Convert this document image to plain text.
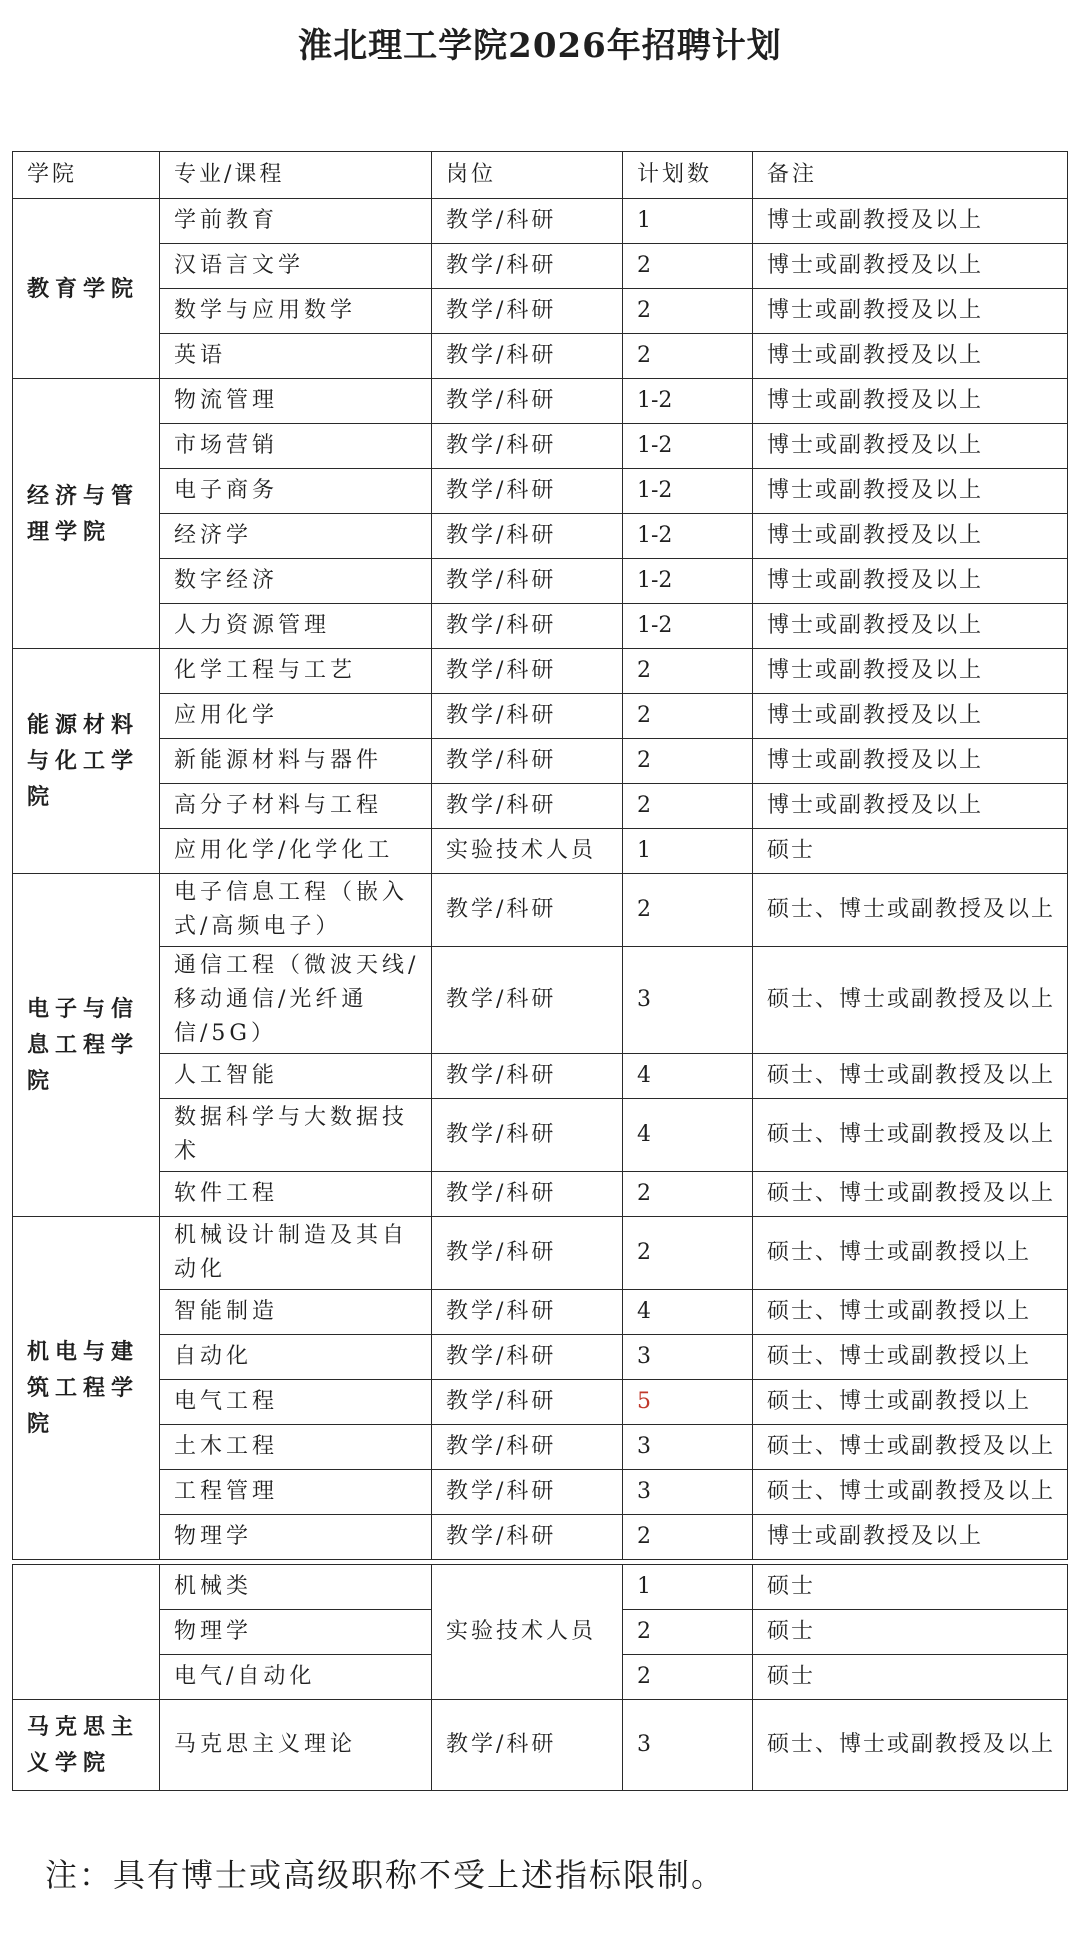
淮北理工学院2026年招聘计划
学院	专业/课程	岗位	计划数	备注
教育学院	学前教育	教学/科研	1	博士或副教授及以上
	汉语言文学	教学/科研	2	博士或副教授及以上
	数学与应用数学	教学/科研	2	博士或副教授及以上
	英语	教学/科研	2	博士或副教授及以上
经济与管理学院	物流管理	教学/科研	1-2	博士或副教授及以上
	市场营销	教学/科研	1-2	博士或副教授及以上
	电子商务	教学/科研	1-2	博士或副教授及以上
	经济学	教学/科研	1-2	博士或副教授及以上
	数字经济	教学/科研	1-2	博士或副教授及以上
	人力资源管理	教学/科研	1-2	博士或副教授及以上
能源材料与化工学院	化学工程与工艺	教学/科研	2	博士或副教授及以上
	应用化学	教学/科研	2	博士或副教授及以上
	新能源材料与器件	教学/科研	2	博士或副教授及以上
	高分子材料与工程	教学/科研	2	博士或副教授及以上
	应用化学/化学化工	实验技术人员	1	硕士
电子与信息工程学院	电子信息工程（嵌入式/高频电子）	教学/科研	2	硕士、博士或副教授及以上
	通信工程（微波天线/移动通信/光纤通信/5G）	教学/科研	3	硕士、博士或副教授及以上
	人工智能	教学/科研	4	硕士、博士或副教授及以上
	数据科学与大数据技术	教学/科研	4	硕士、博士或副教授及以上
	软件工程	教学/科研	2	硕士、博士或副教授及以上
机电与建筑工程学院	机械设计制造及其自动化	教学/科研	2	硕士、博士或副教授以上
	智能制造	教学/科研	4	硕士、博士或副教授以上
	自动化	教学/科研	3	硕士、博士或副教授以上
	电气工程	教学/科研	5	硕士、博士或副教授以上
	土木工程	教学/科研	3	硕士、博士或副教授及以上
	工程管理	教学/科研	3	硕士、博士或副教授及以上
	物理学	教学/科研	2	博士或副教授及以上

	机械类	实验技术人员	1	硕士
	物理学		2	硕士
	电气/自动化		2	硕士
马克思主义学院	马克思主义理论	教学/科研	3	硕士、博士或副教授及以上
注：具有博士或高级职称不受上述指标限制。
